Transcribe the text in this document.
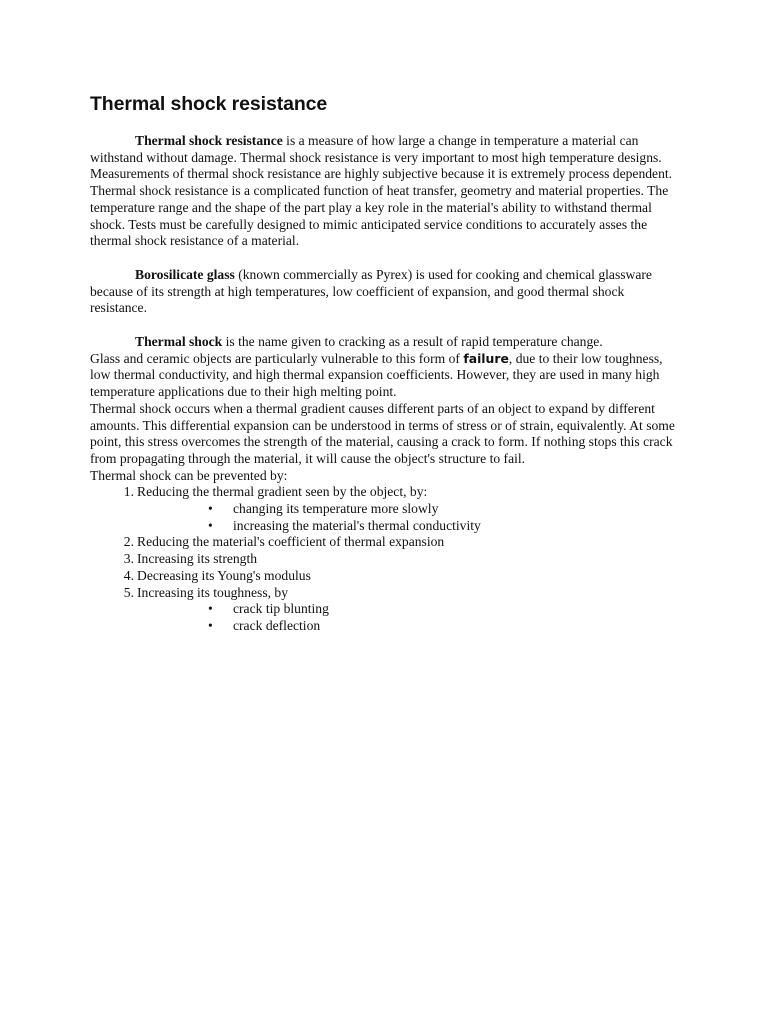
Thermal shock resistance

Thermal shock resistance is a measure of how large a change in temperature a material can withstand without damage. Thermal shock resistance is very important to most high temperature designs. Measurements of thermal shock resistance are highly subjective because it is extremely process dependent. Thermal shock resistance is a complicated function of heat transfer, geometry and material properties. The temperature range and the shape of the part play a key role in the material's ability to withstand thermal shock. Tests must be carefully designed to mimic anticipated service conditions to accurately asses the thermal shock resistance of a material.

Borosilicate glass (known commercially as Pyrex) is used for cooking and chemical glassware because of its strength at high temperatures, low coefficient of expansion, and good thermal shock resistance.

Thermal shock is the name given to cracking as a result of rapid temperature change.

Glass and ceramic objects are particularly vulnerable to this form of failure, due to their low toughness, low thermal conductivity, and high thermal expansion coefficients. However, they are used in many high temperature applications due to their high melting point.

Thermal shock occurs when a thermal gradient causes different parts of an object to expand by different amounts. This differential expansion can be understood in terms of stress or of strain, equivalently. At some point, this stress overcomes the strength of the material, causing a crack to form. If nothing stops this crack from propagating through the material, it will cause the object's structure to fail.

Thermal shock can be prevented by:

1. Reducing the thermal gradient seen by the object, by:
• changing its temperature more slowly
• increasing the material's thermal conductivity
2. Reducing the material's coefficient of thermal expansion
3. Increasing its strength
4. Decreasing its Young's modulus
5. Increasing its toughness, by
• crack tip blunting
• crack deflection
